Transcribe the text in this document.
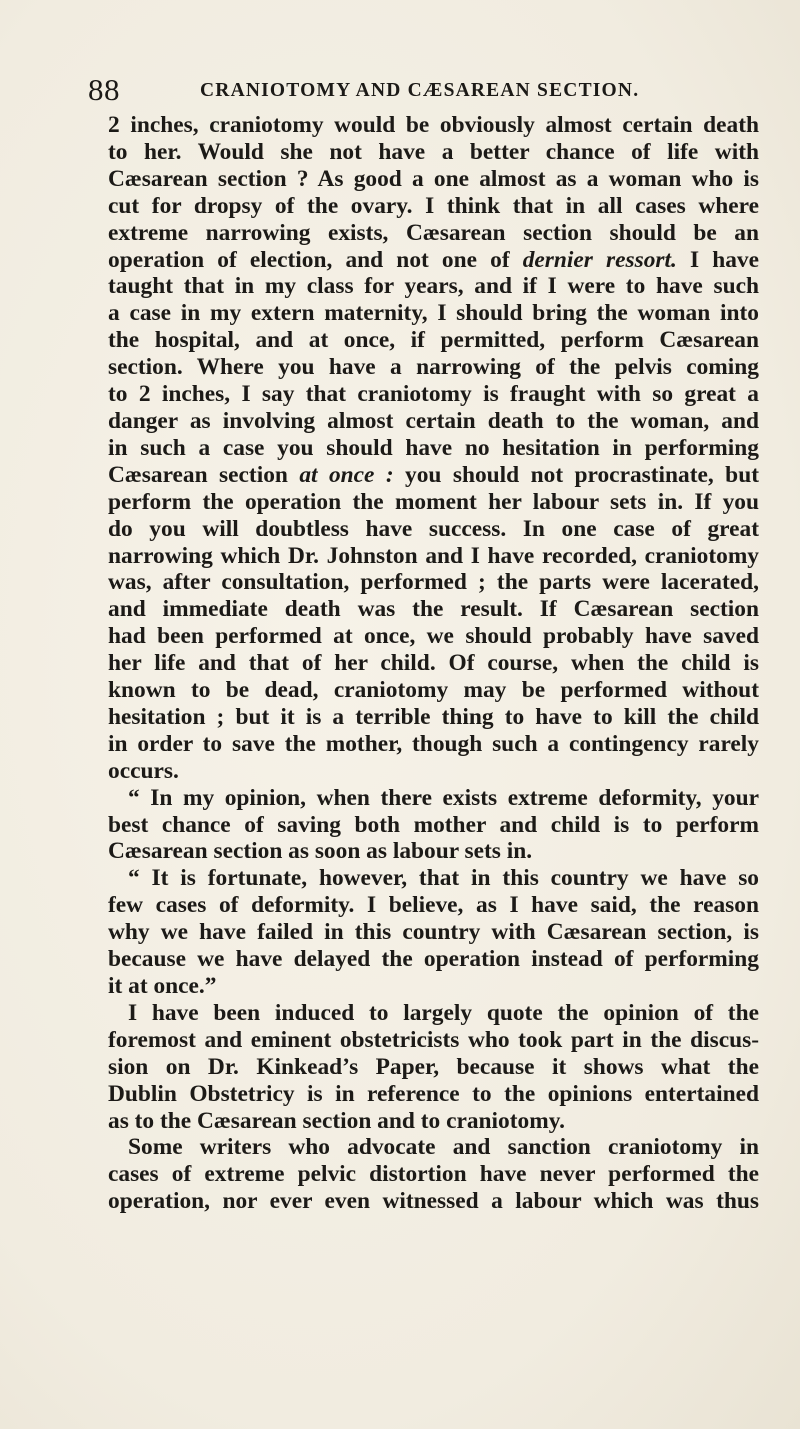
88	CRANIOTOMY AND CÆSAREAN SECTION.
2 inches, craniotomy would be obviously almost certain death
to her. Would she not have a better chance of life with
Cæsarean section ? As good a one almost as a woman who is
cut for dropsy of the ovary. I think that in all cases where
extreme narrowing exists, Cæsarean section should be an
operation of election, and not one of dernier ressort. I have
taught that in my class for years, and if I were to have such
a case in my extern maternity, I should bring the woman into
the hospital, and at once, if permitted, perform Cæsarean
section. Where you have a narrowing of the pelvis coming
to 2 inches, I say that craniotomy is fraught with so great a
danger as involving almost certain death to the woman, and
in such a case you should have no hesitation in performing
Cæsarean section at once : you should not procrastinate, but
perform the operation the moment her labour sets in. If you
do you will doubtless have success. In one case of great
narrowing which Dr. Johnston and I have recorded, craniotomy
was, after consultation, performed ; the parts were lacerated,
and immediate death was the result. If Cæsarean section
had been performed at once, we should probably have saved
her life and that of her child. Of course, when the child is
known to be dead, craniotomy may be performed without
hesitation ; but it is a terrible thing to have to kill the child
in order to save the mother, though such a contingency rarely
occurs.
“ In my opinion, when there exists extreme deformity, your
best chance of saving both mother and child is to perform
Cæsarean section as soon as labour sets in.
“ It is fortunate, however, that in this country we have so
few cases of deformity. I believe, as I have said, the reason
why we have failed in this country with Cæsarean section, is
because we have delayed the operation instead of performing
it at once.”
I have been induced to largely quote the opinion of the
foremost and eminent obstetricists who took part in the discus-
sion on Dr. Kinkead’s Paper, because it shows what the
Dublin Obstetricy is in reference to the opinions entertained
as to the Cæsarean section and to craniotomy.
Some writers who advocate and sanction craniotomy in
cases of extreme pelvic distortion have never performed the
operation, nor ever even witnessed a labour which was thus
